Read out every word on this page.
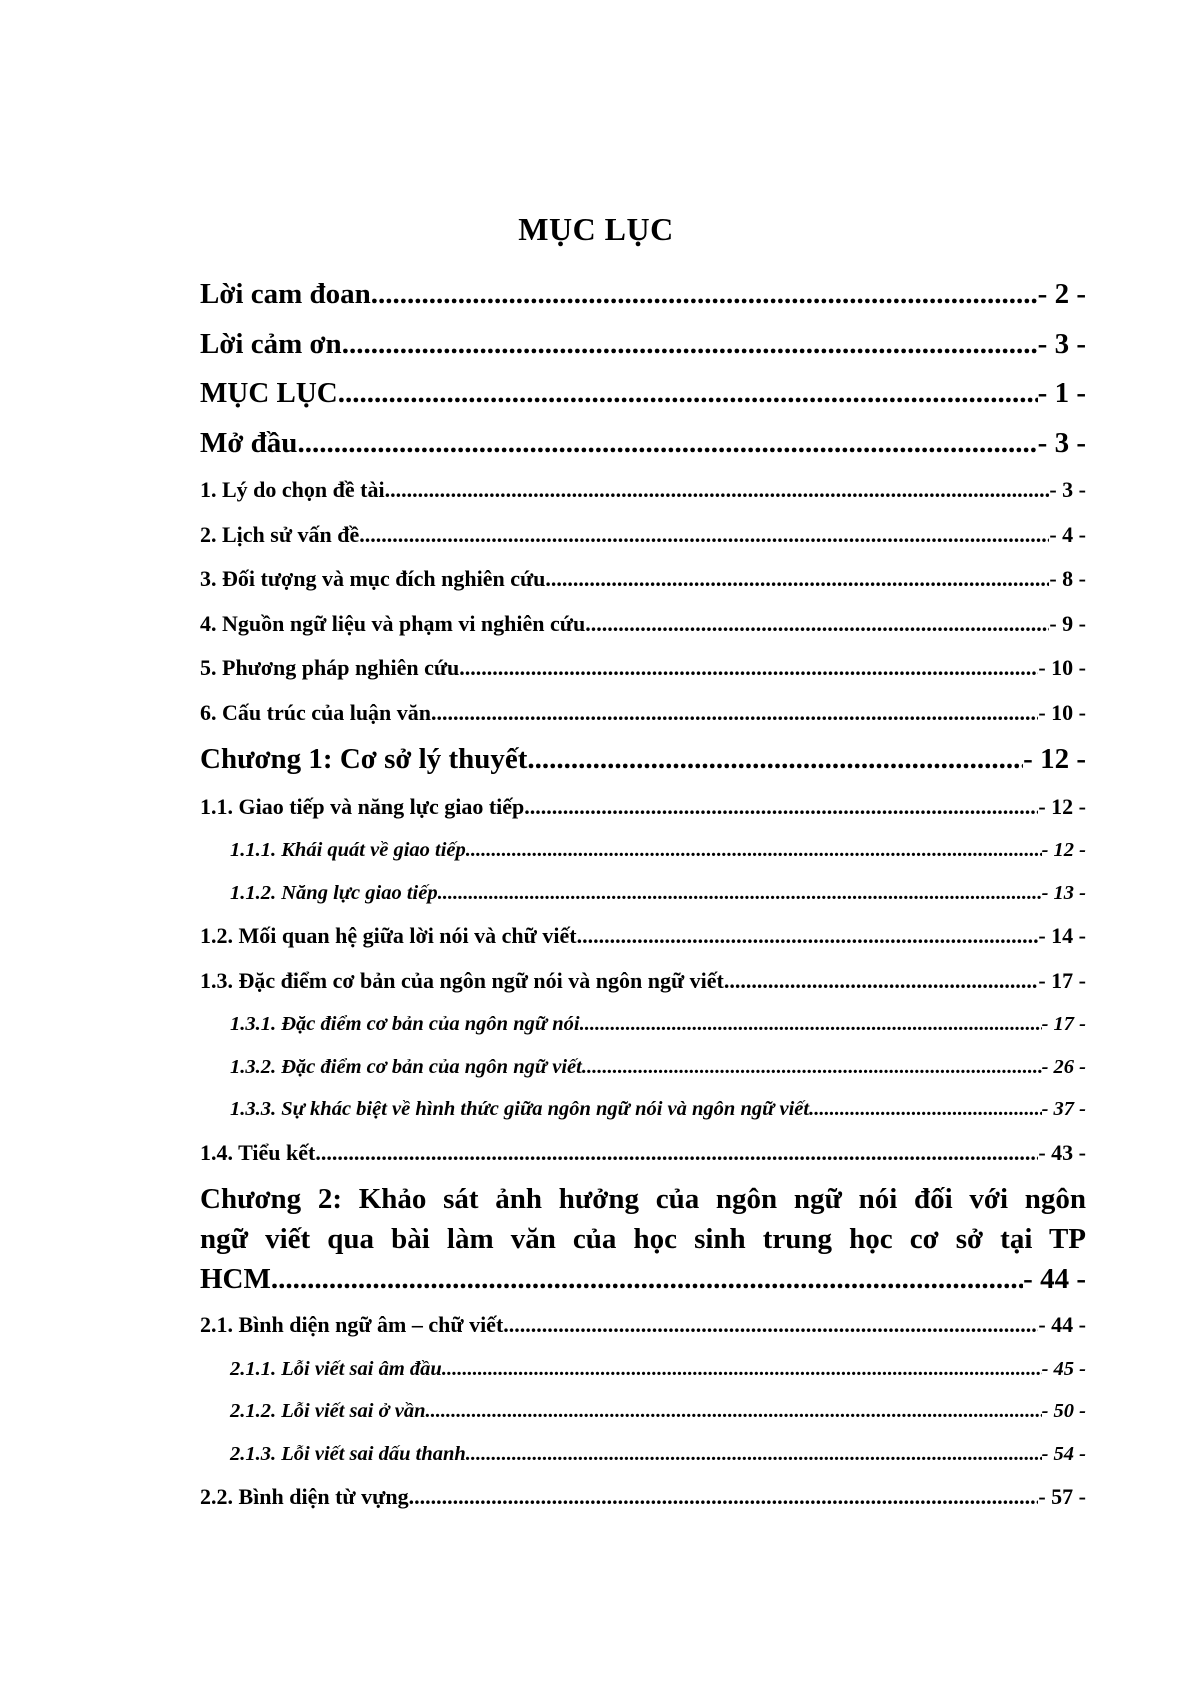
MỤC LỤC
Lời cam đoan .....	- 2 -
Lời cảm ơn .....	- 3 -
MỤC LỤC .....	- 1 -
Mở đầu .....	- 3 -
1. Lý do chọn đề tài .....	- 3 -
2. Lịch sử vấn đề .....	- 4 -
3. Đối tượng và mục đích nghiên cứu .....	- 8 -
4. Nguồn ngữ liệu và phạm vi nghiên cứu .....	- 9 -
5. Phương pháp nghiên cứu .....	- 10 -
6. Cấu trúc của luận văn .....	- 10 -
Chương 1: Cơ sở lý thuyết .....	- 12 -
1.1. Giao tiếp và năng lực giao tiếp .....	- 12 -
1.1.1. Khái quát về giao tiếp .....	- 12 -
1.1.2. Năng lực giao tiếp .....	- 13 -
1.2. Mối quan hệ giữa lời nói và chữ viết .....	- 14 -
1.3. Đặc điểm cơ bản của ngôn ngữ nói và ngôn ngữ viết .....	- 17 -
1.3.1. Đặc điểm cơ bản của ngôn ngữ nói .....	- 17 -
1.3.2. Đặc điểm cơ bản của ngôn ngữ viết .....	- 26 -
1.3.3. Sự khác biệt về hình thức giữa ngôn ngữ nói và ngôn ngữ viết .....	- 37 -
1.4. Tiểu kết .....	- 43 -
Chương 2: Khảo sát ảnh hưởng của ngôn ngữ nói đối với ngôn
ngữ viết qua bài làm văn của học sinh trung học cơ sở tại TP
HCM .....	- 44 -
2.1. Bình diện ngữ âm – chữ viết .....	- 44 -
2.1.1. Lỗi viết sai âm đầu .....	- 45 -
2.1.2. Lỗi viết sai ở vần .....	- 50 -
2.1.3. Lỗi viết sai dấu thanh .....	- 54 -
2.2. Bình diện từ vựng .....	- 57 -
